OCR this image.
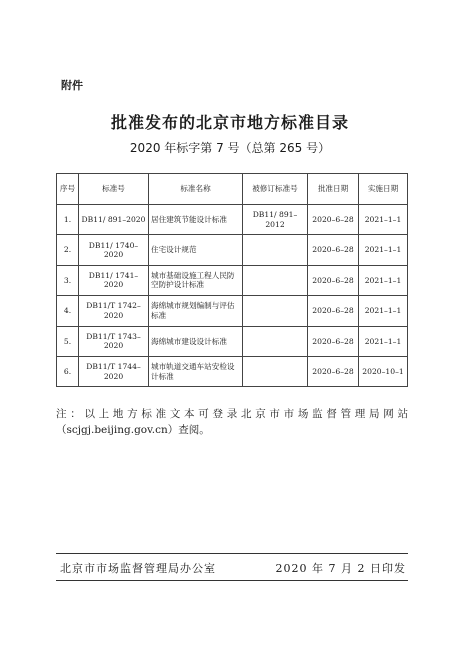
附件
批准发布的北京市地方标准目录
2020 年标字第 7 号（总第 265 号）
序号	标准号	标准名称	被修订标准号	批准日期	实施日期
1.	DB11/ 891–2020	居住建筑节能设计标准	DB11/ 891–2012	2020–6–28	2021–1–1
2.	DB11/ 1740–2020	住宅设计规范		2020–6–28	2021–1–1
3.	DB11/ 1741–2020	城市基础设施工程人民防空防护设计标准		2020–6–28	2021–1–1
4.	DB11/T 1742–2020	海绵城市规划编制与评估标准		2020–6–28	2021–1–1
5.	DB11/T 1743–2020	海绵城市建设设计标准		2020–6–28	2021–1–1
6.	DB11/T 1744–2020	城市轨道交通车站安检设计标准		2020–6–28	2020–10–1
注：以上地方标准文本可登录北京市市场监督管理局网站（scjgj.beijing.gov.cn）查阅。
北京市市场监督管理局办公室	2020 年 7 月 2 日印发
